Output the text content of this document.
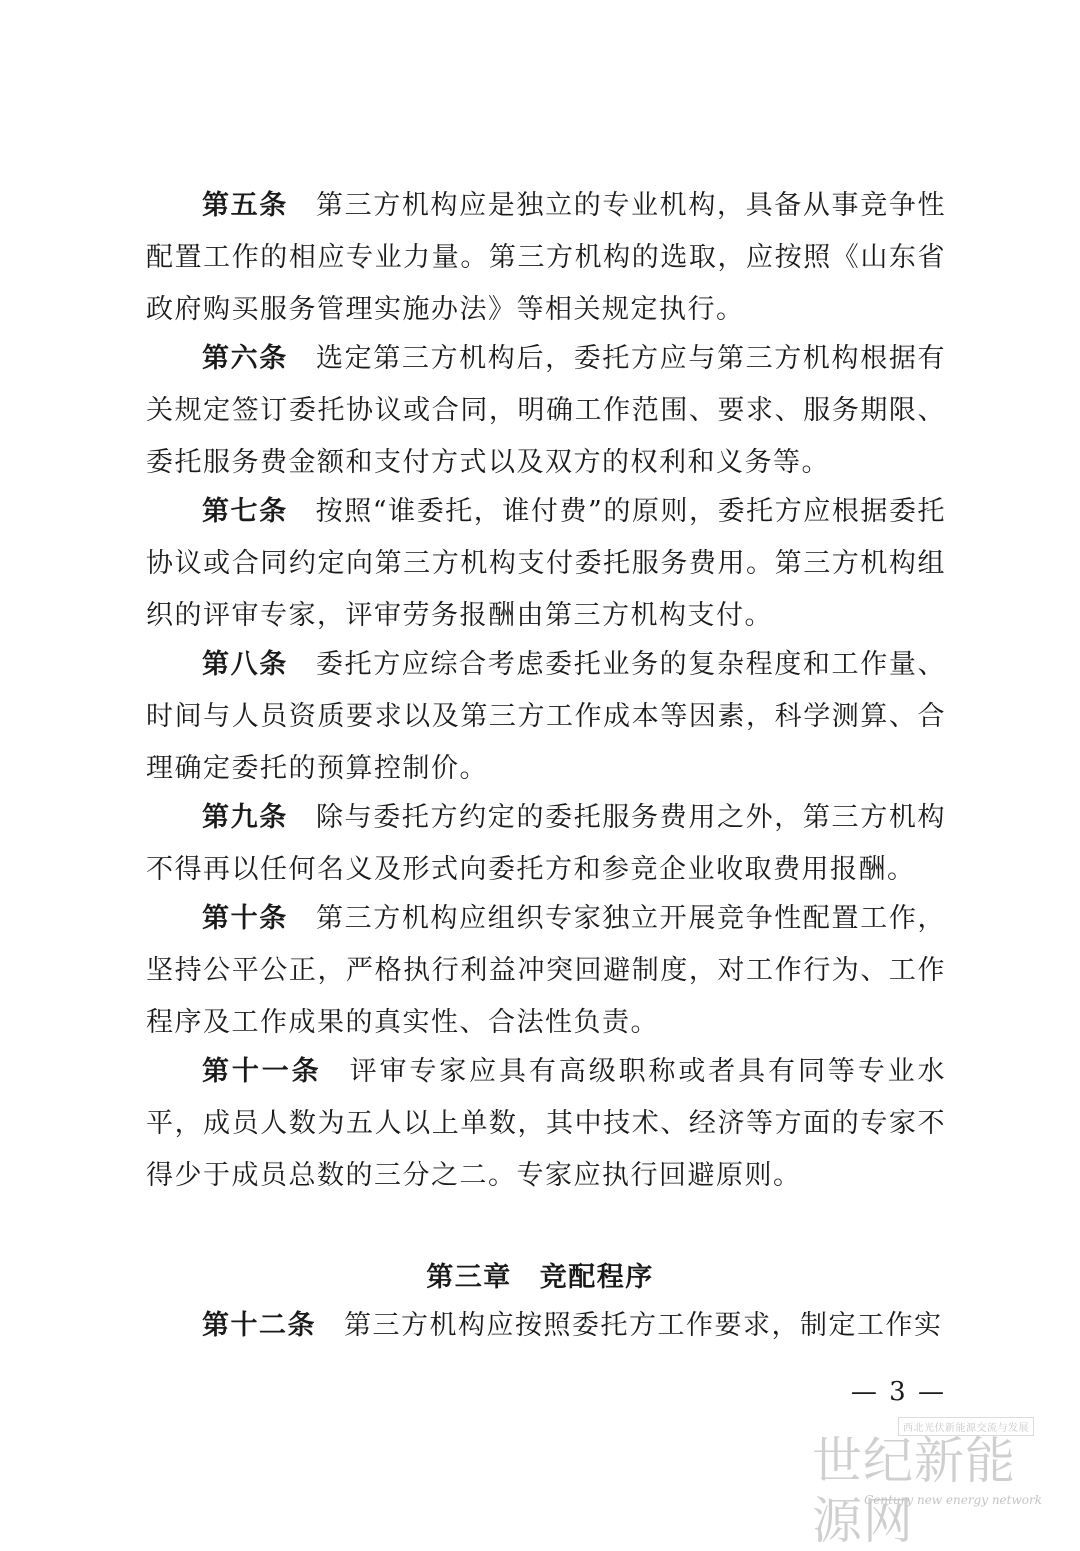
第五条 第三方机构应是独立的专业机构，具备从事竞争性配置工作的相应专业力量。第三方机构的选取，应按照《山东省政府购买服务管理实施办法》等相关规定执行。

第六条 选定第三方机构后，委托方应与第三方机构根据有关规定签订委托协议或合同，明确工作范围、要求、服务期限、委托服务费金额和支付方式以及双方的权利和义务等。

第七条 按照“谁委托，谁付费”的原则，委托方应根据委托协议或合同约定向第三方机构支付委托服务费用。第三方机构组织的评审专家，评审劳务报酬由第三方机构支付。

第八条 委托方应综合考虑委托业务的复杂程度和工作量、时间与人员资质要求以及第三方工作成本等因素，科学测算、合理确定委托的预算控制价。

第九条 除与委托方约定的委托服务费用之外，第三方机构不得再以任何名义及形式向委托方和参竞企业收取费用报酬。

第十条 第三方机构应组织专家独立开展竞争性配置工作，坚持公平公正，严格执行利益冲突回避制度，对工作行为、工作程序及工作成果的真实性、合法性负责。

第十一条 评审专家应具有高级职称或者具有同等专业水平，成员人数为五人以上单数，其中技术、经济等方面的专家不得少于成员总数的三分之二。专家应执行回避原则。

第三章 竞配程序

第十二条 第三方机构应按照委托方工作要求，制定工作实

— 3 —
西北光伏新能源交流与发展
世纪新能源网
Century new energy network
